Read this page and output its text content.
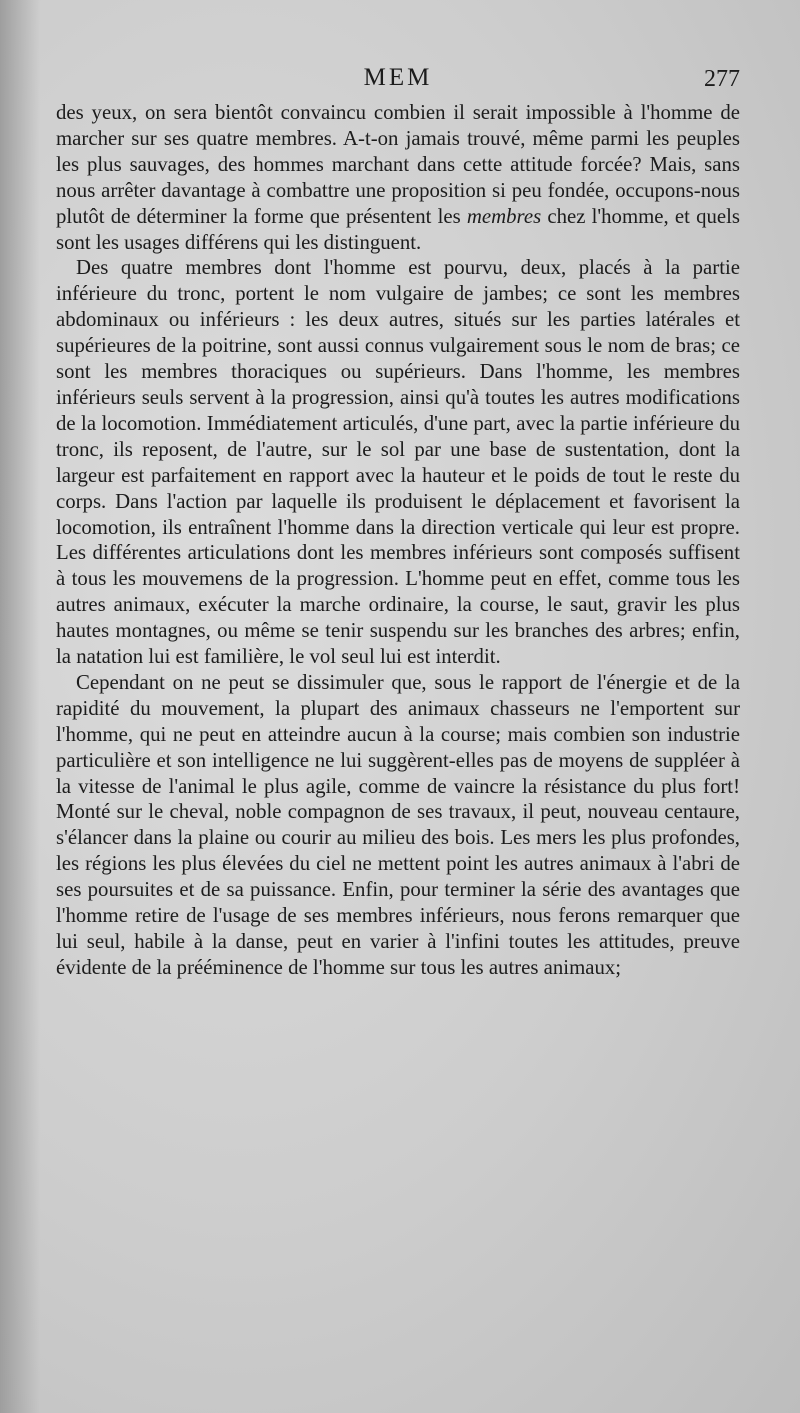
MEM	277

des yeux, on sera bientôt convaincu combien il serait impossible à l'homme de marcher sur ses quatre membres. A-t-on jamais trouvé, même parmi les peuples les plus sauvages, des hommes marchant dans cette attitude forcée? Mais, sans nous arrêter davantage à combattre une proposition si peu fondée, occupons-nous plutôt de déterminer la forme que présentent les membres chez l'homme, et quels sont les usages différens qui les distinguent.

Des quatre membres dont l'homme est pourvu, deux, placés à la partie inférieure du tronc, portent le nom vulgaire de jambes; ce sont les membres abdominaux ou inférieurs : les deux autres, situés sur les parties latérales et supérieures de la poitrine, sont aussi connus vulgairement sous le nom de bras; ce sont les membres thoraciques ou supérieurs. Dans l'homme, les membres inférieurs seuls servent à la progression, ainsi qu'à toutes les autres modifications de la locomotion. Immédiatement articulés, d'une part, avec la partie inférieure du tronc, ils reposent, de l'autre, sur le sol par une base de sustentation, dont la largeur est parfaitement en rapport avec la hauteur et le poids de tout le reste du corps. Dans l'action par laquelle ils produisent le déplacement et favorisent la locomotion, ils entraînent l'homme dans la direction verticale qui leur est propre. Les différentes articulations dont les membres inférieurs sont composés suffisent à tous les mouvemens de la progression. L'homme peut en effet, comme tous les autres animaux, exécuter la marche ordinaire, la course, le saut, gravir les plus hautes montagnes, ou même se tenir suspendu sur les branches des arbres; enfin, la natation lui est familière, le vol seul lui est interdit.

Cependant on ne peut se dissimuler que, sous le rapport de l'énergie et de la rapidité du mouvement, la plupart des animaux chasseurs ne l'emportent sur l'homme, qui ne peut en atteindre aucun à la course; mais combien son industrie particulière et son intelligence ne lui suggèrent-elles pas de moyens de suppléer à la vitesse de l'animal le plus agile, comme de vaincre la résistance du plus fort! Monté sur le cheval, noble compagnon de ses travaux, il peut, nouveau centaure, s'élancer dans la plaine ou courir au milieu des bois. Les mers les plus profondes, les régions les plus élevées du ciel ne mettent point les autres animaux à l'abri de ses poursuites et de sa puissance. Enfin, pour terminer la série des avantages que l'homme retire de l'usage de ses membres inférieurs, nous ferons remarquer que lui seul, habile à la danse, peut en varier à l'infini toutes les attitudes, preuve évidente de la prééminence de l'homme sur tous les autres animaux;
